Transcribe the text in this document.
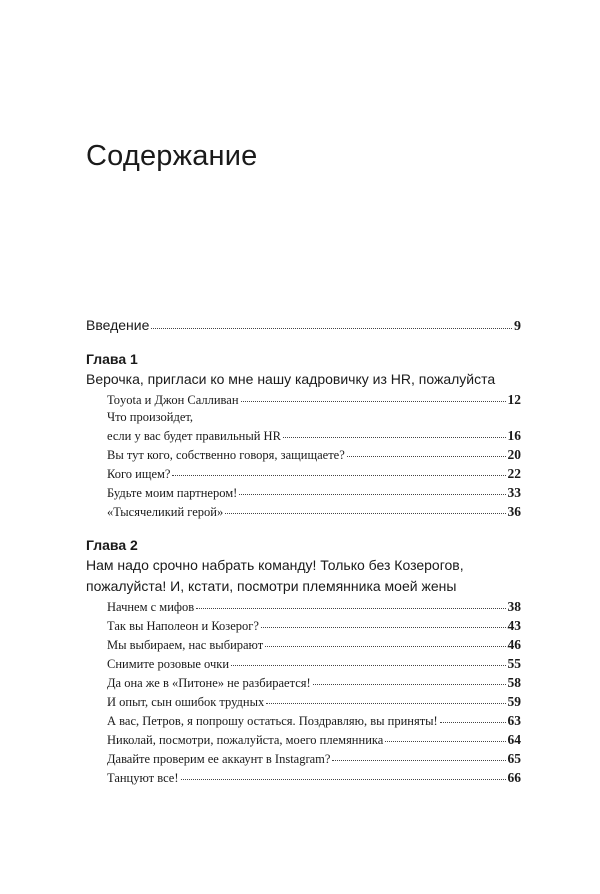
Содержание
Введение	9
Глава 1
Верочка, пригласи ко мне нашу кадровичку из HR, пожалуйста
Toyota и Джон Салливан	12
Что произойдет,
если у вас будет правильный HR	16
Вы тут кого, собственно говоря, защищаете?	20
Кого ищем?	22
Будьте моим партнером!	33
«Тысячеликий герой»	36
Глава 2
Нам надо срочно набрать команду! Только без Козерогов,
пожалуйста! И, кстати, посмотри племянника моей жены
Начнем с мифов	38
Так вы Наполеон и Козерог?	43
Мы выбираем, нас выбирают	46
Снимите розовые очки	55
Да она же в «Питоне» не разбирается!	58
И опыт, сын ошибок трудных	59
А вас, Петров, я попрошу остаться. Поздравляю, вы приняты!	63
Николай, посмотри, пожалуйста, моего племянника	64
Давайте проверим ее аккаунт в Instagram?	65
Танцуют все!	66
